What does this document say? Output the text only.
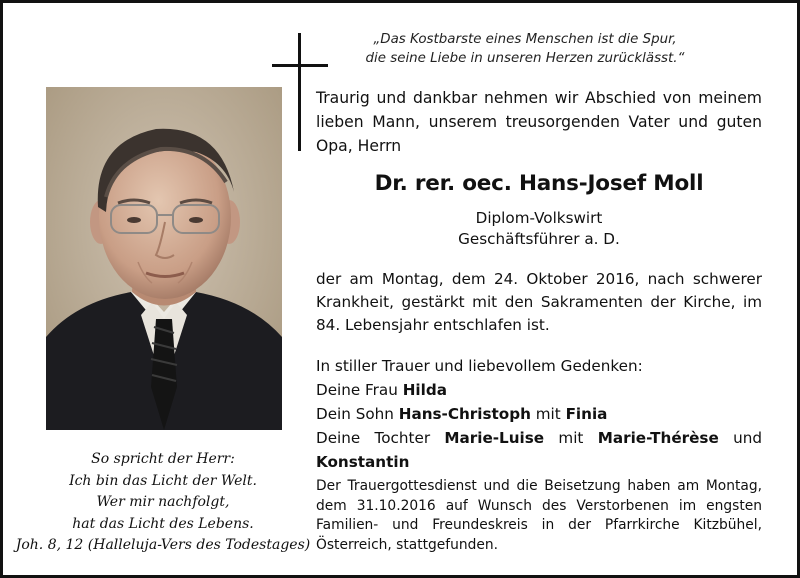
So spricht der Herr:
Ich bin das Licht der Welt.
Wer mir nachfolgt,
hat das Licht des Lebens.
Joh. 8, 12 (Halleluja-Vers des Todestages)
„Das Kostbarste eines Menschen ist die Spur,
die seine Liebe in unseren Herzen zurücklässt.“
Traurig und dankbar nehmen wir Abschied von meinem lieben Mann, unserem treusorgenden Vater und guten Opa, Herrn
Dr. rer. oec. Hans-Josef Moll
Diplom-Volkswirt
Geschäftsführer a. D.
der am Montag, dem 24. Oktober 2016, nach schwerer Krankheit, gestärkt mit den Sakramenten der Kirche, im 84. Lebensjahr entschlafen ist.
In stiller Trauer und liebevollem Gedenken:
Deine Frau Hilda
Dein Sohn Hans-Christoph mit Finia
Deine Tochter Marie-Luise mit Marie-Thérèse und
Konstantin
Der Trauergottesdienst und die Beisetzung haben am Montag, dem 31.10.2016 auf Wunsch des Verstorbenen im engsten Familien- und Freundeskreis in der Pfarrkirche Kitzbühel, Österreich, stattgefunden.
